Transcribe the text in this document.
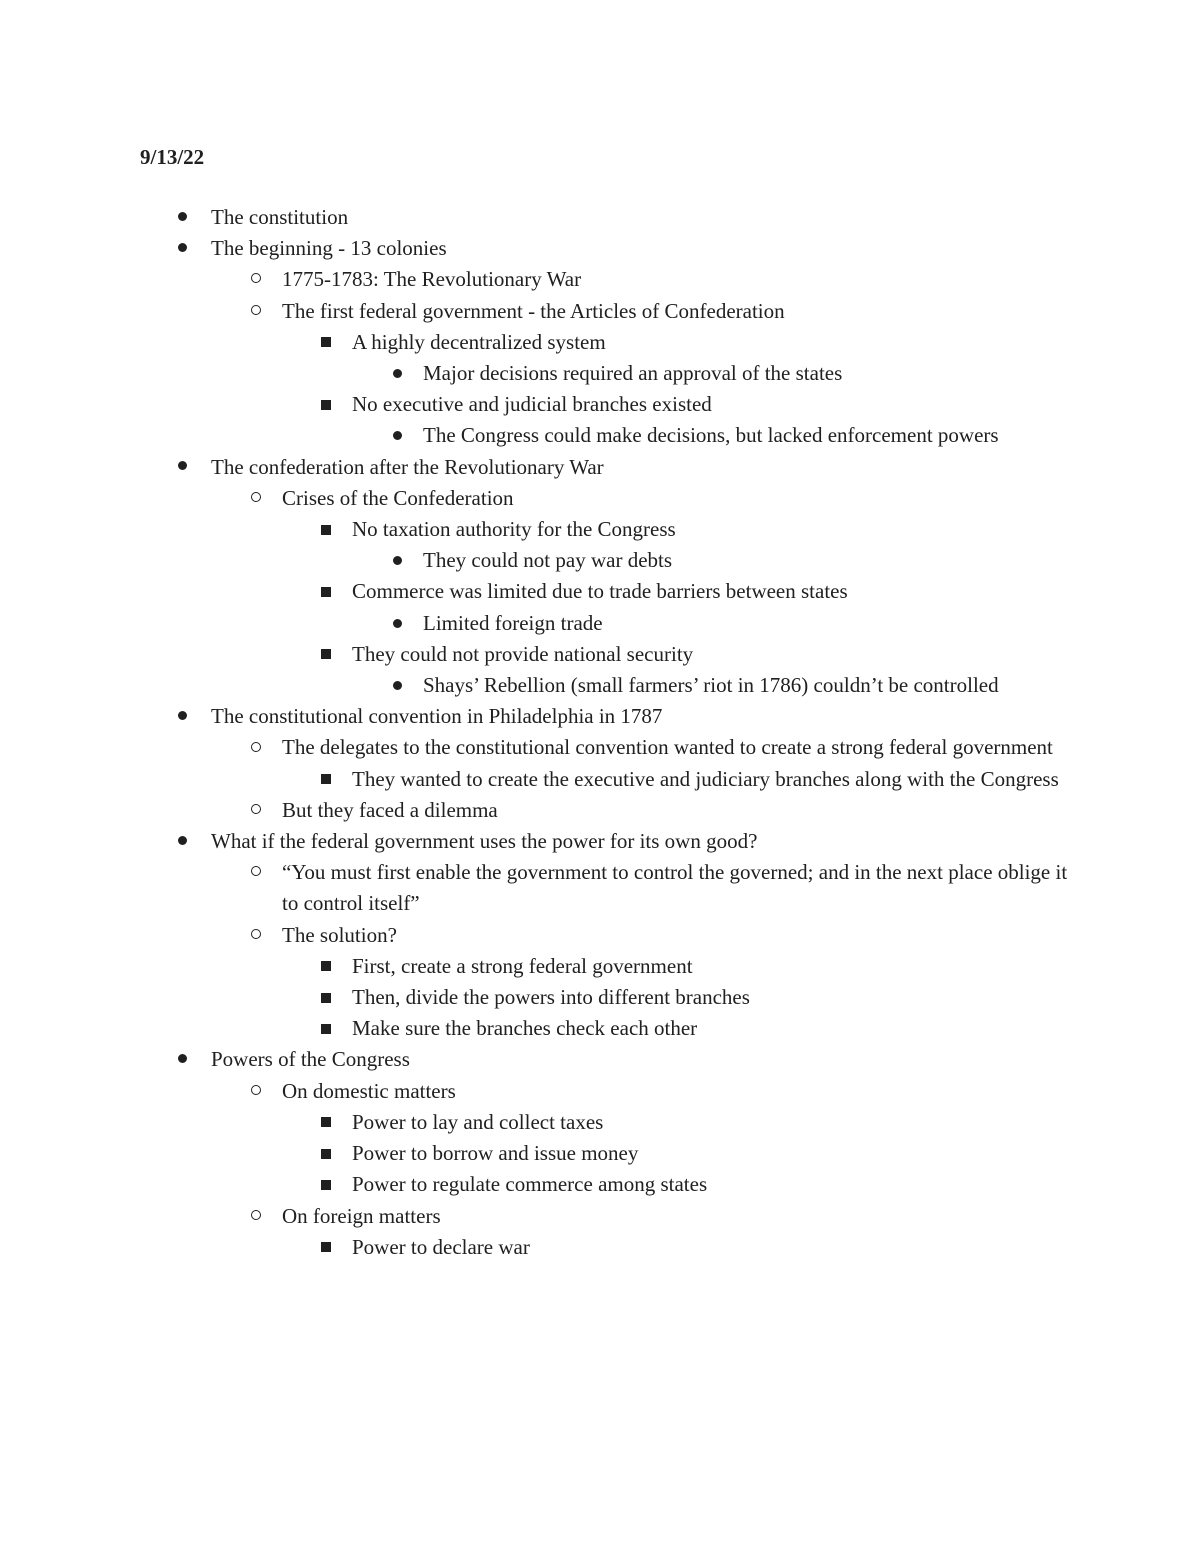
9/13/22
The constitution
The beginning - 13 colonies
1775-1783: The Revolutionary War
The first federal government - the Articles of Confederation
A highly decentralized system
Major decisions required an approval of the states
No executive and judicial branches existed
The Congress could make decisions, but lacked enforcement powers
The confederation after the Revolutionary War
Crises of the Confederation
No taxation authority for the Congress
They could not pay war debts
Commerce was limited due to trade barriers between states
Limited foreign trade
They could not provide national security
Shays’ Rebellion (small farmers’ riot in 1786) couldn’t be controlled
The constitutional convention in Philadelphia in 1787
The delegates to the constitutional convention wanted to create a strong federal government
They wanted to create the executive and judiciary branches along with the Congress
But they faced a dilemma
What if the federal government uses the power for its own good?
“You must first enable the government to control the governed; and in the next place oblige it to control itself”
The solution?
First, create a strong federal government
Then, divide the powers into different branches
Make sure the branches check each other
Powers of the Congress
On domestic matters
Power to lay and collect taxes
Power to borrow and issue money
Power to regulate commerce among states
On foreign matters
Power to declare war
